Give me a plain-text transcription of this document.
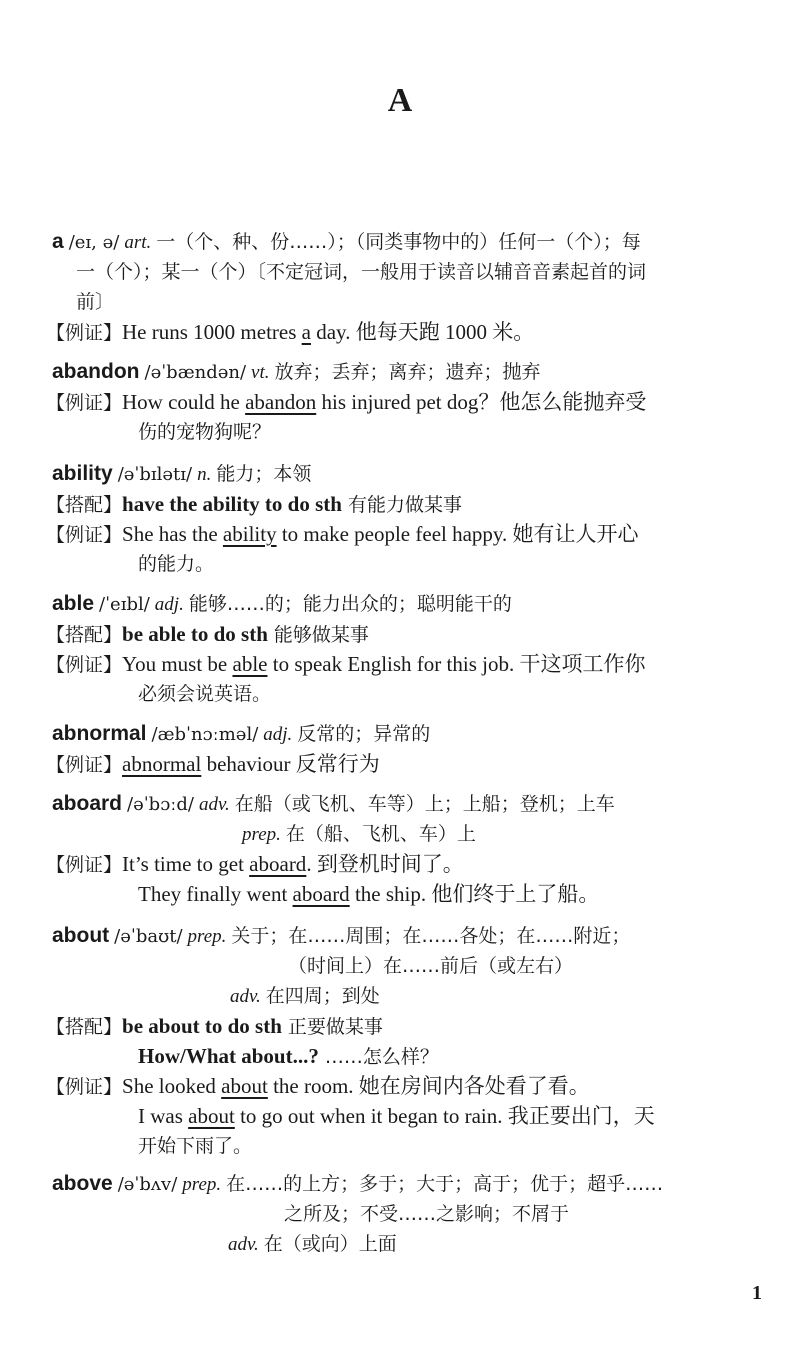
A
a /eɪ, ə/ art. 一（个、种、份……）；（同类事物中的）任何一（个）；每
一（个）；某一（个）〔不定冠词，一般用于读音以辅音音素起首的词
前〕
【例证】He runs 1000 metres a day. 他每天跑 1000 米。
abandon /əˈbændən/ vt. 放弃；丢弃；离弃；遗弃；抛弃
【例证】How could he abandon his injured pet dog？他怎么能抛弃受
伤的宠物狗呢？
ability /əˈbɪlətɪ/ n. 能力；本领
【搭配】have the ability to do sth 有能力做某事
【例证】She has the ability to make people feel happy. 她有让人开心
的能力。
able /ˈeɪbl/ adj. 能够……的；能力出众的；聪明能干的
【搭配】be able to do sth 能够做某事
【例证】You must be able to speak English for this job. 干这项工作你
必须会说英语。
abnormal /æbˈnɔːməl/ adj. 反常的；异常的
【例证】abnormal behaviour 反常行为
aboard /əˈbɔːd/ adv. 在船（或飞机、车等）上；上船；登机；上车
prep. 在（船、飞机、车）上
【例证】It’s time to get aboard. 到登机时间了。
They finally went aboard the ship. 他们终于上了船。
about /əˈbaʊt/ prep. 关于；在……周围；在……各处；在……附近；
（时间上）在……前后（或左右）
adv. 在四周；到处
【搭配】be about to do sth 正要做某事
How/What about...? ……怎么样？
【例证】She looked about the room. 她在房间内各处看了看。
I was about to go out when it began to rain. 我正要出门，天
开始下雨了。
above /əˈbʌv/ prep. 在……的上方；多于；大于；高于；优于；超乎……
之所及；不受……之影响；不屑于
adv. 在（或向）上面
1
